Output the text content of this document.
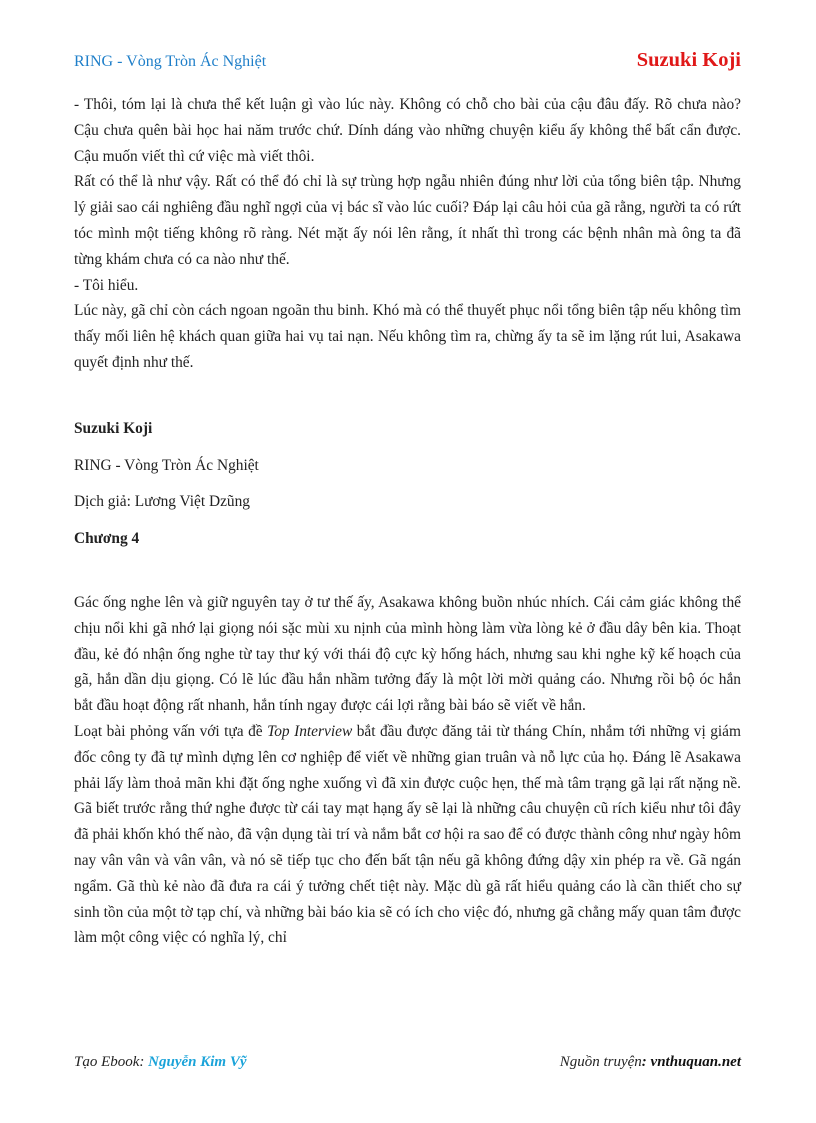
RING - Vòng Tròn Ác Nghiệt	Suzuki Koji

- Thôi, tóm lại là chưa thể kết luận gì vào lúc này. Không có chỗ cho bài của cậu đâu đấy. Rõ chưa nào? Cậu chưa quên bài học hai năm trước chứ. Dính dáng vào những chuyện kiểu ấy không thể bất cẩn được. Cậu muốn viết thì cứ việc mà viết thôi.

Rất có thể là như vậy. Rất có thể đó chỉ là sự trùng hợp ngẫu nhiên đúng như lời của tổng biên tập. Nhưng lý giải sao cái nghiêng đầu nghĩ ngợi của vị bác sĩ vào lúc cuối? Đáp lại câu hỏi của gã rằng, người ta có rứt tóc mình một tiếng không rõ ràng. Nét mặt ấy nói lên rằng, ít nhất thì trong các bệnh nhân mà ông ta đã từng khám chưa có ca nào như thế.

- Tôi hiểu.

Lúc này, gã chỉ còn cách ngoan ngoãn thu binh. Khó mà có thể thuyết phục nổi tổng biên tập nếu không tìm thấy mối liên hệ khách quan giữa hai vụ tai nạn. Nếu không tìm ra, chừng ấy ta sẽ im lặng rút lui, Asakawa quyết định như thế.

Suzuki Koji

RING - Vòng Tròn Ác Nghiệt

Dịch giả: Lương Việt Dzũng

Chương 4

Gác ống nghe lên và giữ nguyên tay ở tư thế ấy, Asakawa không buồn nhúc nhích. Cái cảm giác không thể chịu nổi khi gã nhớ lại giọng nói sặc mùi xu nịnh của mình hòng làm vừa lòng kẻ ở đầu dây bên kia. Thoạt đầu, kẻ đó nhận ống nghe từ tay thư ký với thái độ cực kỳ hống hách, nhưng sau khi nghe kỹ kế hoạch của gã, hắn dần dịu giọng. Có lẽ lúc đầu hắn nhầm tưởng đấy là một lời mời quảng cáo. Nhưng rồi bộ óc hắn bắt đầu hoạt động rất nhanh, hắn tính ngay được cái lợi rằng bài báo sẽ viết về hắn.

Loạt bài phỏng vấn với tựa đề Top Interview bắt đầu được đăng tải từ tháng Chín, nhắm tới những vị giám đốc công ty đã tự mình dựng lên cơ nghiệp để viết về những gian truân và nỗ lực của họ. Đáng lẽ Asakawa phải lấy làm thoả mãn khi đặt ống nghe xuống vì đã xin được cuộc hẹn, thế mà tâm trạng gã lại rất nặng nề. Gã biết trước rằng thứ nghe được từ cái tay mạt hạng ấy sẽ lại là những câu chuyện cũ rích kiểu như tôi đây đã phải khốn khó thế nào, đã vận dụng tài trí và nắm bắt cơ hội ra sao để có được thành công như ngày hôm nay vân vân và vân vân, và nó sẽ tiếp tục cho đến bất tận nếu gã không đứng dậy xin phép ra về. Gã ngán ngẩm. Gã thù kẻ nào đã đưa ra cái ý tưởng chết tiệt này. Mặc dù gã rất hiểu quảng cáo là cần thiết cho sự sinh tồn của một tờ tạp chí, và những bài báo kia sẽ có ích cho việc đó, nhưng gã chẳng mấy quan tâm được làm một công việc có nghĩa lý, chỉ

Tạo Ebook: Nguyễn Kim Vỹ	Nguồn truyện: vnthuquan.net
